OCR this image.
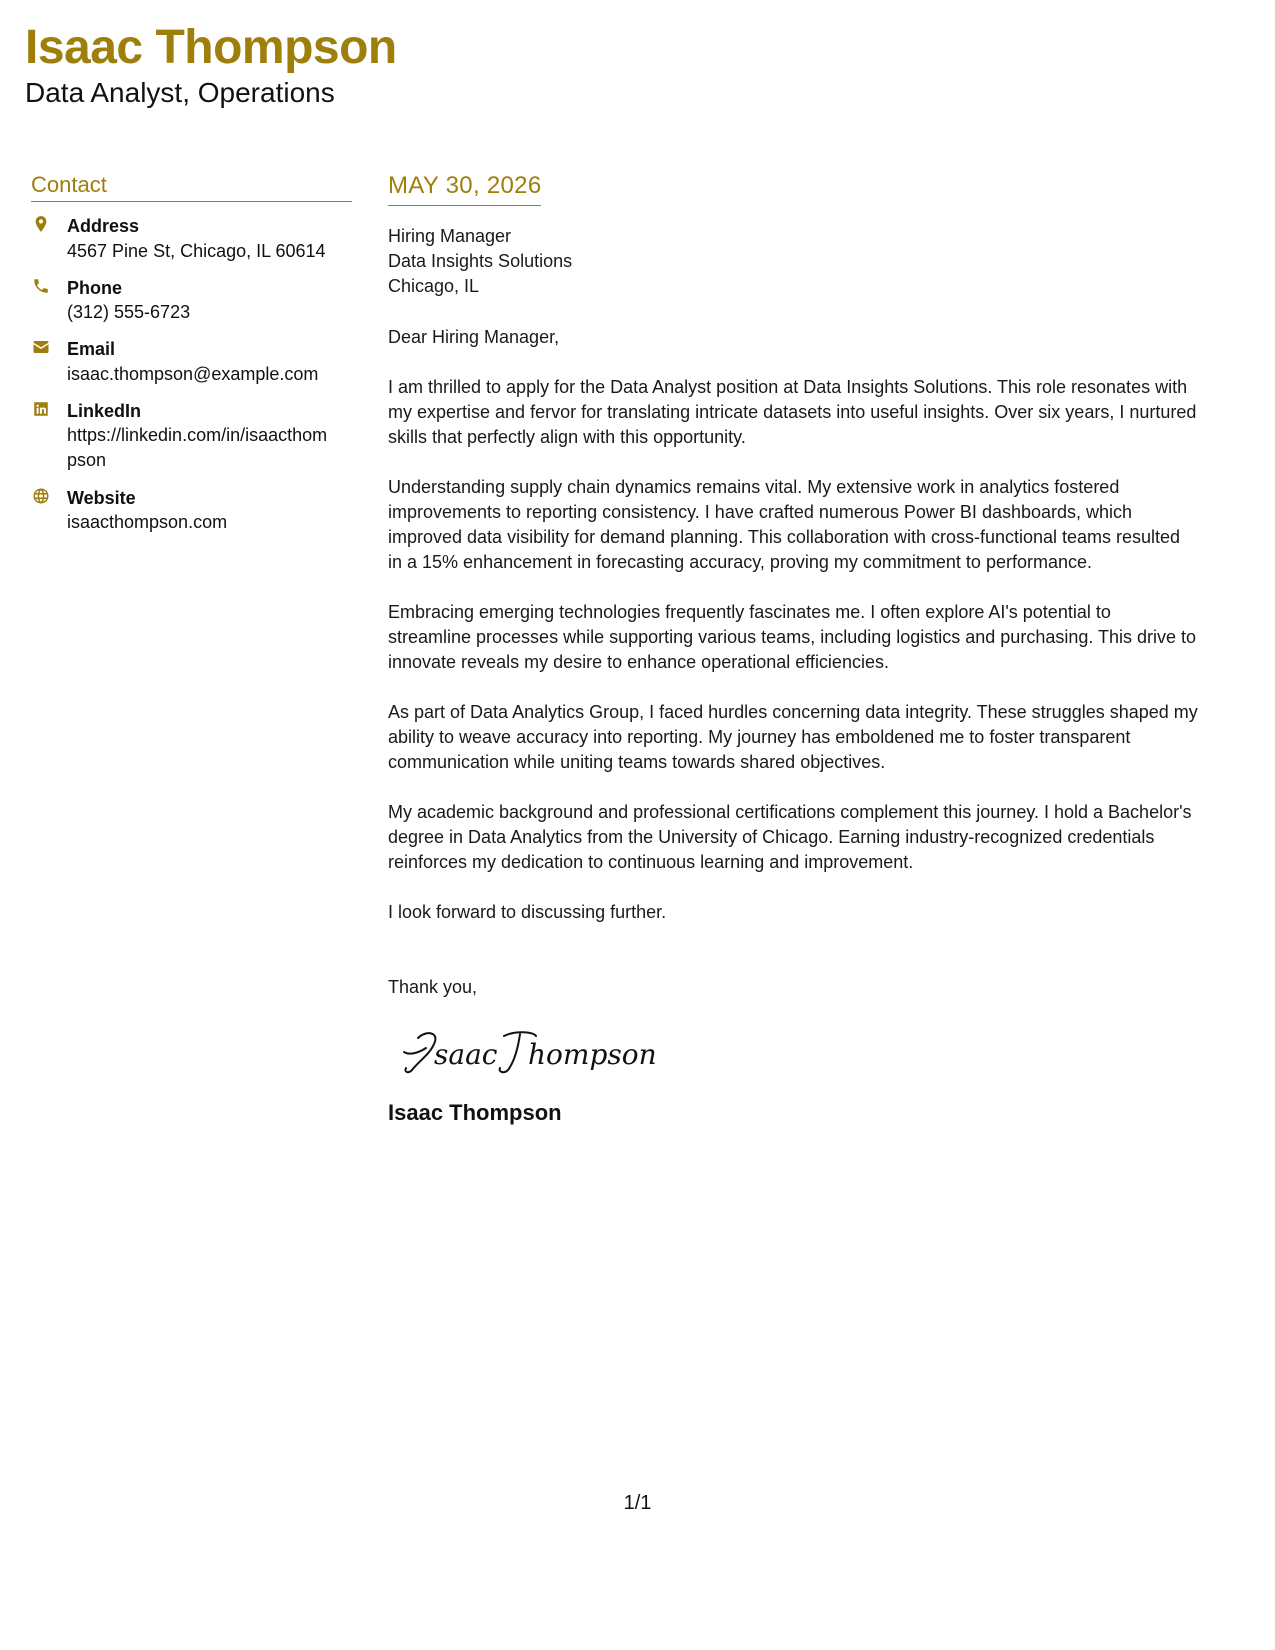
Isaac Thompson
Data Analyst, Operations
Contact
Address
4567 Pine St, Chicago, IL 60614
Phone
(312) 555-6723
Email
isaac.thompson@example.com
LinkedIn
https://linkedin.com/in/isaacthompson
Website
isaacthompson.com
MAY 30, 2026
Hiring Manager
Data Insights Solutions
Chicago, IL
Dear Hiring Manager,
I am thrilled to apply for the Data Analyst position at Data Insights Solutions. This role resonates with my expertise and fervor for translating intricate datasets into useful insights. Over six years, I nurtured skills that perfectly align with this opportunity.
Understanding supply chain dynamics remains vital. My extensive work in analytics fostered improvements to reporting consistency. I have crafted numerous Power BI dashboards, which improved data visibility for demand planning. This collaboration with cross-functional teams resulted in a 15% enhancement in forecasting accuracy, proving my commitment to performance.
Embracing emerging technologies frequently fascinates me. I often explore AI's potential to streamline processes while supporting various teams, including logistics and purchasing. This drive to innovate reveals my desire to enhance operational efficiencies.
As part of Data Analytics Group, I faced hurdles concerning data integrity. These struggles shaped my ability to weave accuracy into reporting. My journey has emboldened me to foster transparent communication while uniting teams towards shared objectives.
My academic background and professional certifications complement this journey. I hold a Bachelor's degree in Data Analytics from the University of Chicago. Earning industry-recognized credentials reinforces my dedication to continuous learning and improvement.
I look forward to discussing further.
Thank you,
saac hompson
Isaac Thompson
1/1
